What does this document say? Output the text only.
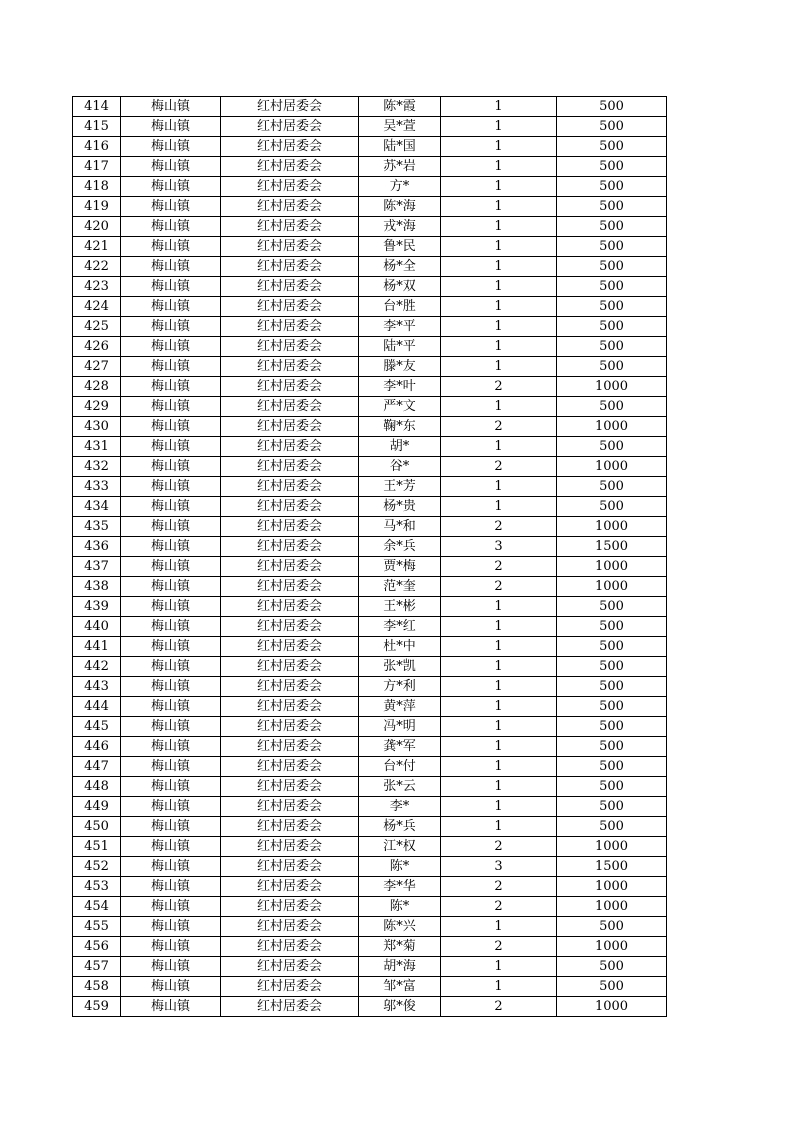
414	梅山镇	红村居委会	陈*霞	1	500
415	梅山镇	红村居委会	吴*萱	1	500
416	梅山镇	红村居委会	陆*国	1	500
417	梅山镇	红村居委会	苏*岩	1	500
418	梅山镇	红村居委会	方*	1	500
419	梅山镇	红村居委会	陈*海	1	500
420	梅山镇	红村居委会	戎*海	1	500
421	梅山镇	红村居委会	鲁*民	1	500
422	梅山镇	红村居委会	杨*全	1	500
423	梅山镇	红村居委会	杨*双	1	500
424	梅山镇	红村居委会	台*胜	1	500
425	梅山镇	红村居委会	李*平	1	500
426	梅山镇	红村居委会	陆*平	1	500
427	梅山镇	红村居委会	滕*友	1	500
428	梅山镇	红村居委会	李*叶	2	1000
429	梅山镇	红村居委会	严*文	1	500
430	梅山镇	红村居委会	鞠*东	2	1000
431	梅山镇	红村居委会	胡*	1	500
432	梅山镇	红村居委会	谷*	2	1000
433	梅山镇	红村居委会	王*芳	1	500
434	梅山镇	红村居委会	杨*贵	1	500
435	梅山镇	红村居委会	马*和	2	1000
436	梅山镇	红村居委会	余*兵	3	1500
437	梅山镇	红村居委会	贾*梅	2	1000
438	梅山镇	红村居委会	范*奎	2	1000
439	梅山镇	红村居委会	王*彬	1	500
440	梅山镇	红村居委会	李*红	1	500
441	梅山镇	红村居委会	杜*中	1	500
442	梅山镇	红村居委会	张*凯	1	500
443	梅山镇	红村居委会	方*利	1	500
444	梅山镇	红村居委会	黄*萍	1	500
445	梅山镇	红村居委会	冯*明	1	500
446	梅山镇	红村居委会	龚*军	1	500
447	梅山镇	红村居委会	台*付	1	500
448	梅山镇	红村居委会	张*云	1	500
449	梅山镇	红村居委会	李*	1	500
450	梅山镇	红村居委会	杨*兵	1	500
451	梅山镇	红村居委会	江*权	2	1000
452	梅山镇	红村居委会	陈*	3	1500
453	梅山镇	红村居委会	李*华	2	1000
454	梅山镇	红村居委会	陈*	2	1000
455	梅山镇	红村居委会	陈*兴	1	500
456	梅山镇	红村居委会	郑*菊	2	1000
457	梅山镇	红村居委会	胡*海	1	500
458	梅山镇	红村居委会	邹*富	1	500
459	梅山镇	红村居委会	邬*俊	2	1000
